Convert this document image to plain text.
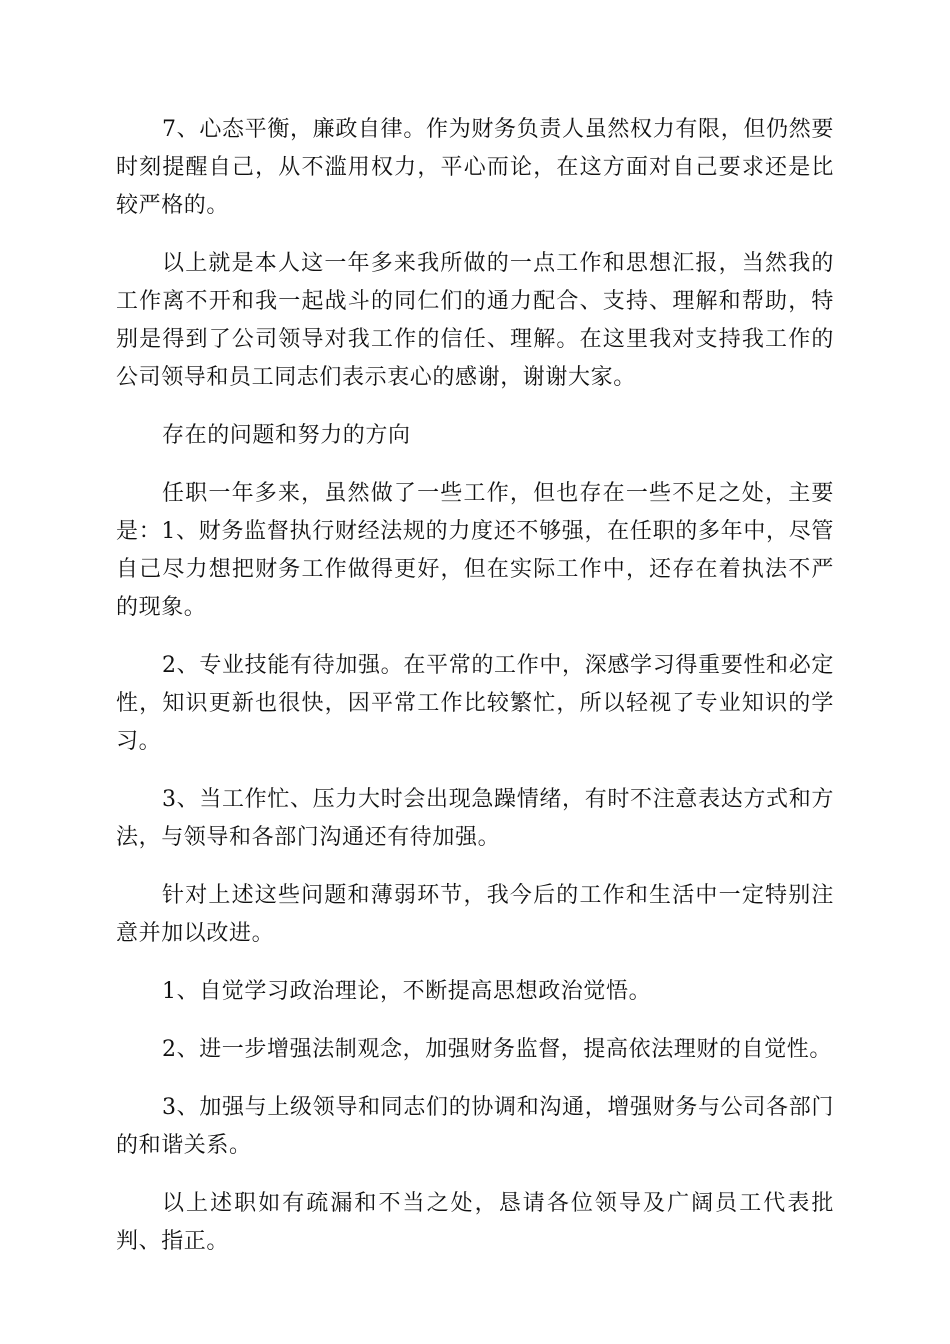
7、心态平衡，廉政自律。作为财务负责人虽然权力有限，但仍然要时刻提醒自己，从不滥用权力，平心而论，在这方面对自己要求还是比较严格的。

以上就是本人这一年多来我所做的一点工作和思想汇报，当然我的工作离不开和我一起战斗的同仁们的通力配合、支持、理解和帮助，特别是得到了公司领导对我工作的信任、理解。在这里我对支持我工作的公司领导和员工同志们表示衷心的感谢，谢谢大家。

存在的问题和努力的方向

任职一年多来，虽然做了一些工作，但也存在一些不足之处，主要是：1、财务监督执行财经法规的力度还不够强，在任职的多年中，尽管自己尽力想把财务工作做得更好，但在实际工作中，还存在着执法不严的现象。

2、专业技能有待加强。在平常的工作中，深感学习得重要性和必定性，知识更新也很快，因平常工作比较繁忙，所以轻视了专业知识的学习。

3、当工作忙、压力大时会出现急躁情绪，有时不注意表达方式和方法，与领导和各部门沟通还有待加强。

针对上述这些问题和薄弱环节，我今后的工作和生活中一定特别注意并加以改进。

1、自觉学习政治理论，不断提高思想政治觉悟。

2、进一步增强法制观念，加强财务监督，提高依法理财的自觉性。

3、加强与上级领导和同志们的协调和沟通，增强财务与公司各部门的和谐关系。

以上述职如有疏漏和不当之处，恳请各位领导及广阔员工代表批判、指正。
